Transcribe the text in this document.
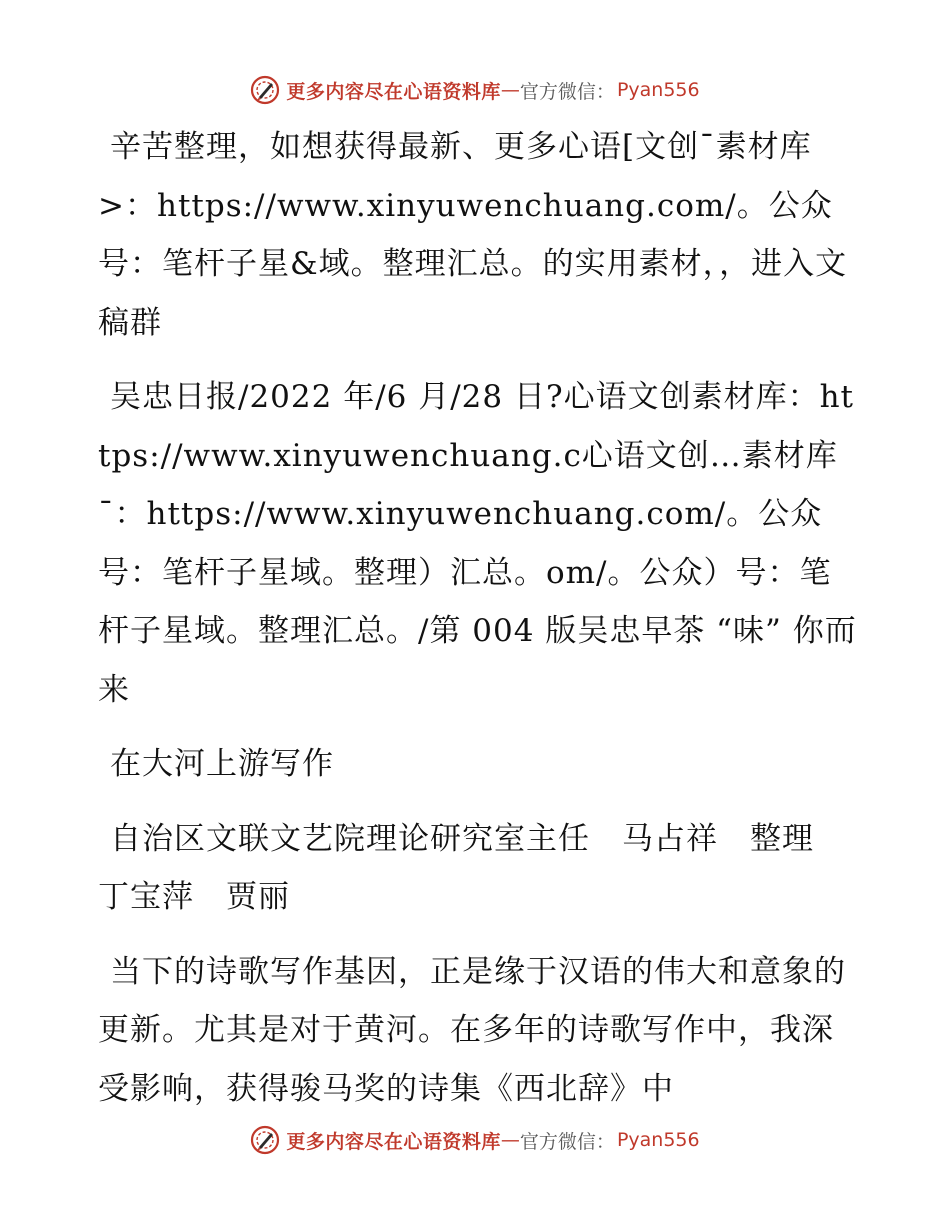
更多内容尽在心语资料库 — 官方微信： Pyan556

辛苦整理，如想获得最新、更多心语[文创¯素材库>：https://www.xinyuwenchuang.com/。公众号：笔杆子星&域。整理汇总。的实用素材，，进入文稿群

吴忠日报/2022 年/6 月/28 日?心语文创素材库：https://www.xinyuwenchuang.c心语文创…素材库¯：https://www.xinyuwenchuang.com/。公众号：笔杆子星域。整理）汇总。om/。公众）号：笔杆子星域。整理汇总。/第 004 版吴忠早茶 “味” 你而来

在大河上游写作

自治区文联文艺院理论研究室主任　马占祥　整理　丁宝萍　贾丽

当下的诗歌写作基因，正是缘于汉语的伟大和意象的更新。尤其是对于黄河。在多年的诗歌写作中，我深受影响，获得骏马奖的诗集《西北辞》中

更多内容尽在心语资料库 — 官方微信： Pyan556
